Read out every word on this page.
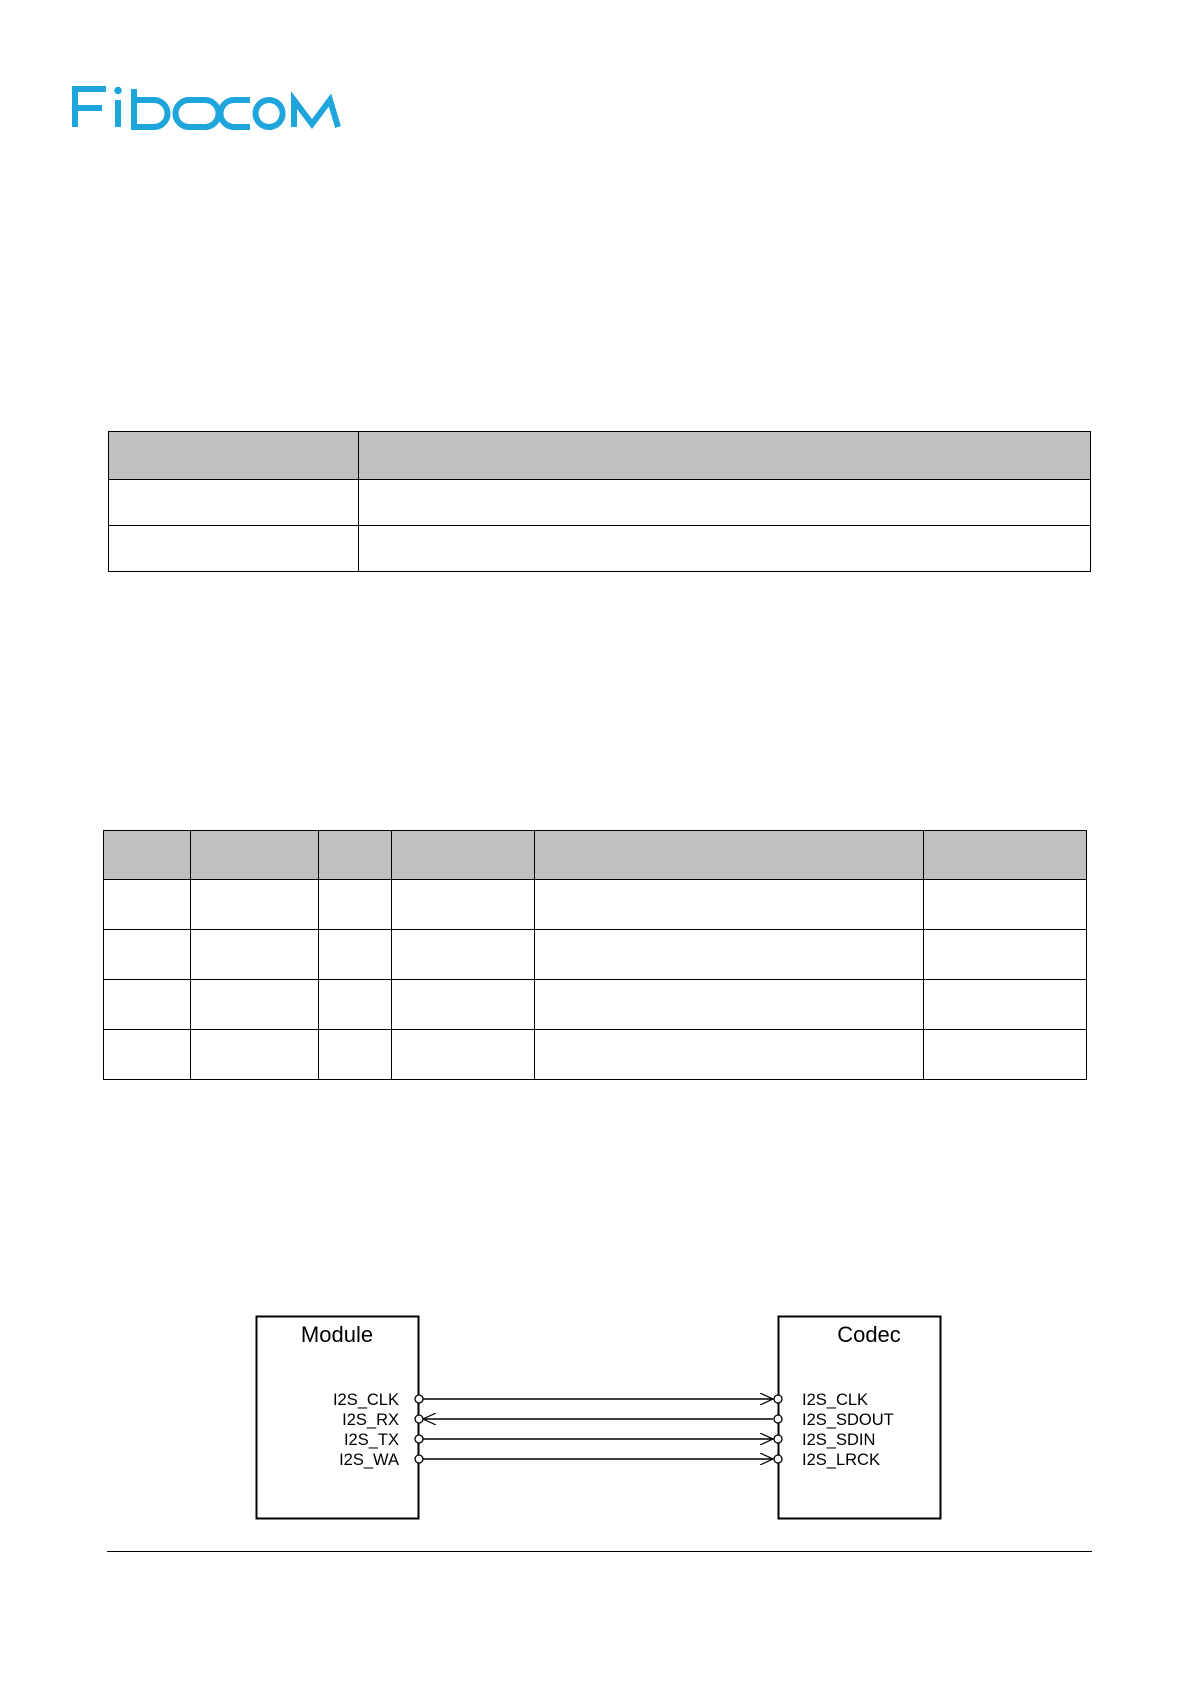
Module	Codec
I2S_CLK
I2S_RX
I2S_TX
I2S_WA
I2S_CLK
I2S_SDOUT
I2S_SDIN
I2S_LRCK
